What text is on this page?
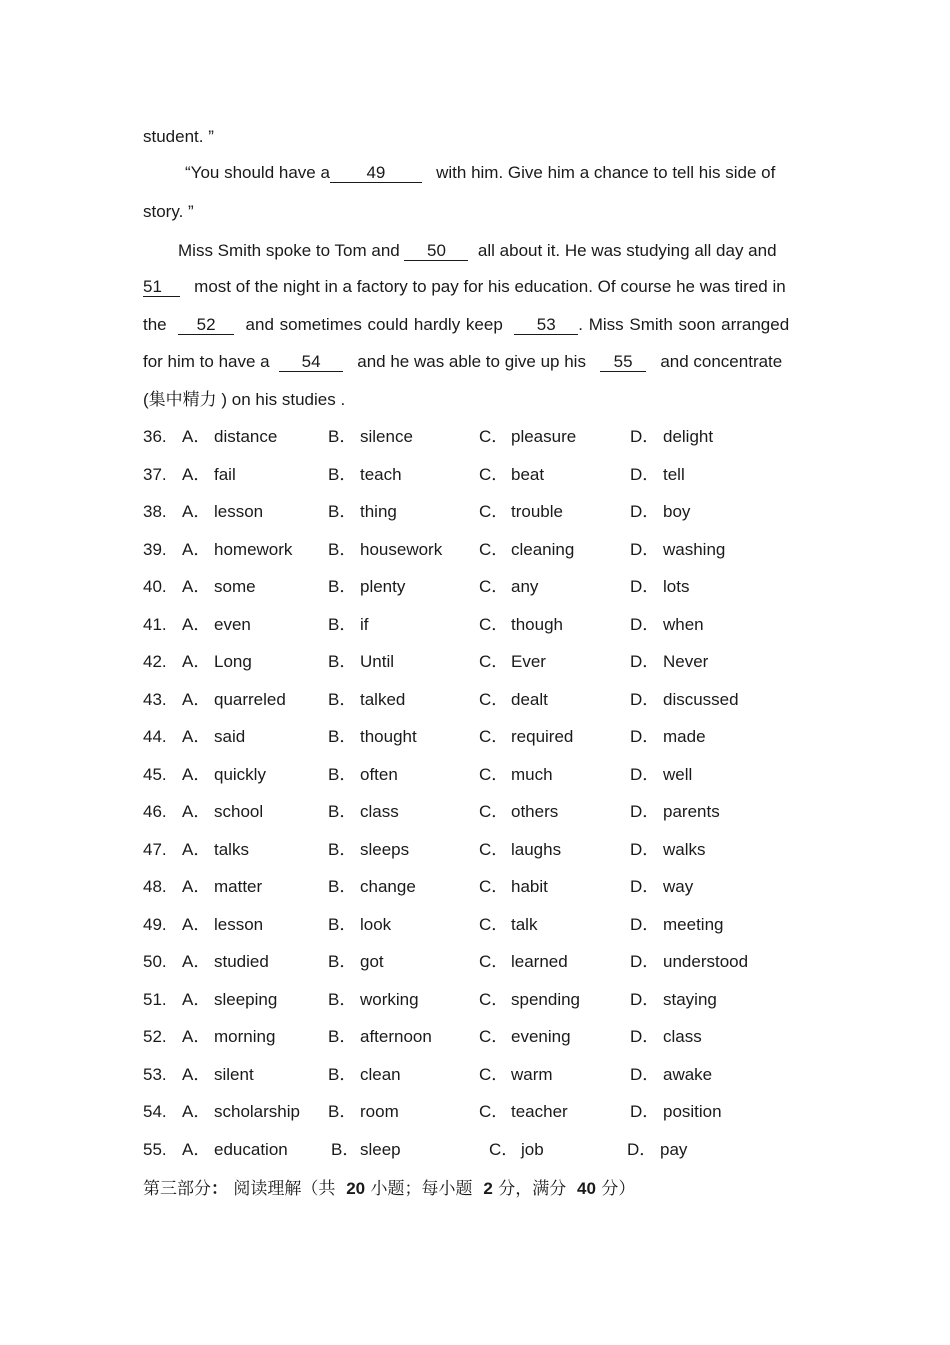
student. ”
“You should have a 49	with him. Give him a chance to tell his side of
story. ”
Miss Smith spoke to Tom and 50 all about it. He was studying all day and
51 most of the night in a factory to pay for his education. Of course he was tired in
the 52 and sometimes could hardly keep 53 . Miss Smith soon arranged
for him to have a 54 and he was able to give up his 55 and concentrate
(集中精力 ) on his studies .
36. A． distance	B． silence	C． pleasure	D． delight
37. A． fail	B． teach	C． beat	D． tell
38. A． lesson	B． thing	C． trouble	D． boy
39. A． homework B． housework C． cleaning	D． washing
40. A． some	B． plenty	C． any	D． lots
41. A． even	B． if	C． though	D． when
42. A． Long	B． Until	C． Ever	D． Never
43. A． quarreled B． talked	C． dealt	D． discussed
44. A． said	B． thought	C． required	D． made
45. A． quickly	B． often	C． much	D． well
46. A． school	B． class	C． others	D． parents
47. A． talks	B． sleeps	C． laughs	D． walks
48. A． matter	B． change	C． habit	D． way
49. A． lesson	B． look	C． talk	D． meeting
50. A． studied	B． got	C． learned	D． understood
51. A． sleeping	B． working	C． spending	D． staying
52. A． morning	B． afternoon	C． evening	D． class
53. A． silent	B． clean	C． warm	D． awake
54. A． scholarship B． room	C． teacher	D． position
55. A． education	B． sleep	C． job	D． pay
第三部分： 阅读理解（共 20 小题；每小题 2 分，满分 40 分）
